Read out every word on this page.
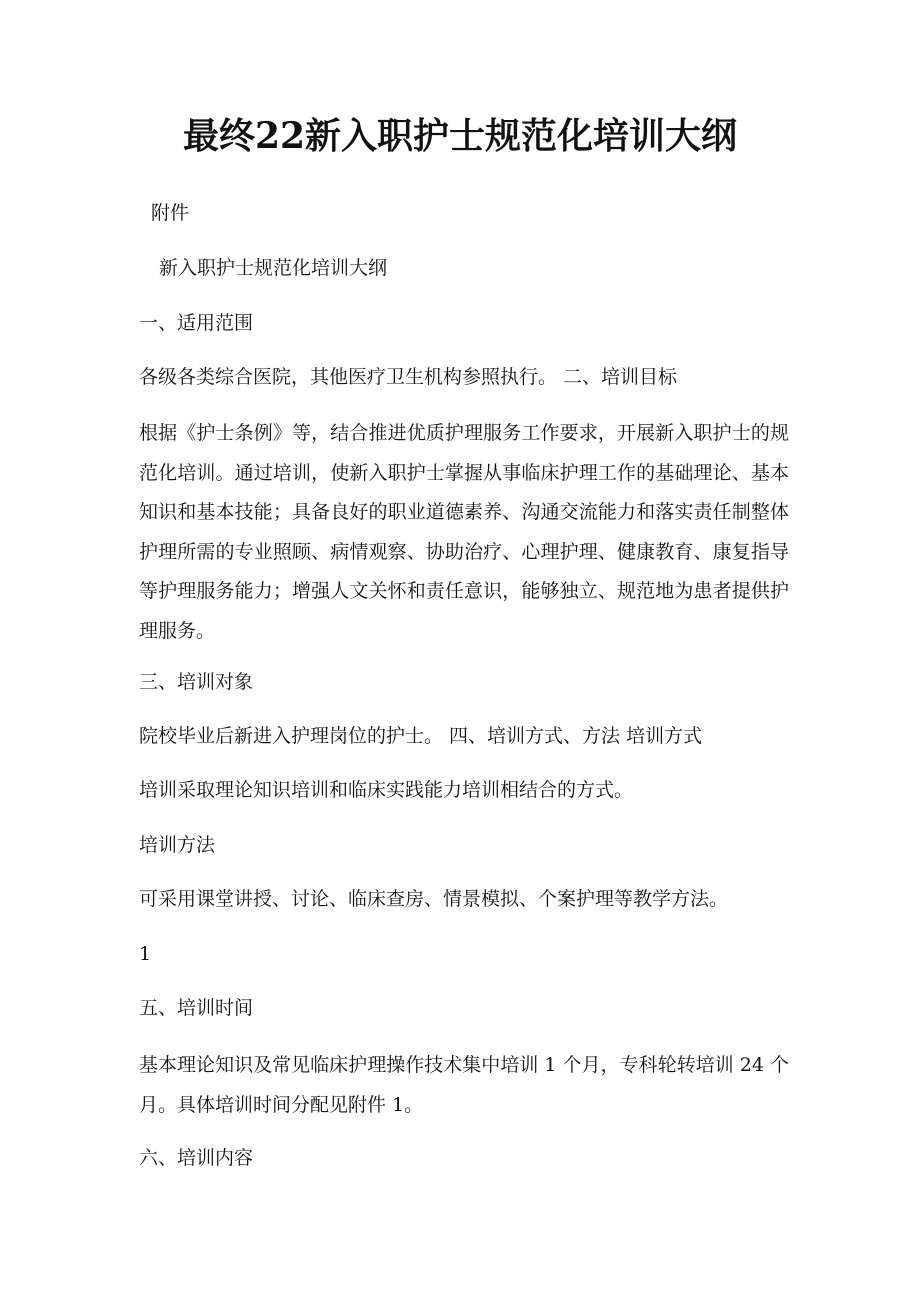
最终22新入职护士规范化培训大纲
附件
新入职护士规范化培训大纲
一、适用范围
各级各类综合医院，其他医疗卫生机构参照执行。 二、培训目标
根据《护士条例》等，结合推进优质护理服务工作要求，开展新入职护士的规范化培训。通过培训，使新入职护士掌握从事临床护理工作的基础理论、基本知识和基本技能；具备良好的职业道德素养、沟通交流能力和落实责任制整体护理所需的专业照顾、病情观察、协助治疗、心理护理、健康教育、康复指导等护理服务能力；增强人文关怀和责任意识，能够独立、规范地为患者提供护理服务。
三、培训对象
院校毕业后新进入护理岗位的护士。 四、培训方式、方法 培训方式
培训采取理论知识培训和临床实践能力培训相结合的方式。
培训方法
可采用课堂讲授、讨论、临床查房、情景模拟、个案护理等教学方法。
1
五、培训时间
基本理论知识及常见临床护理操作技术集中培训 1 个月，专科轮转培训 24 个月。具体培训时间分配见附件 1。
六、培训内容
